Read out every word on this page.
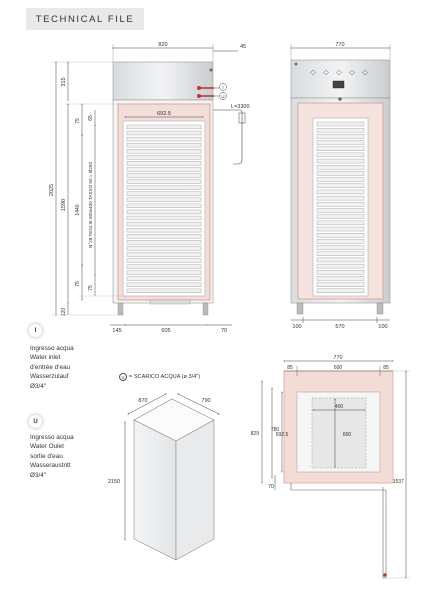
TECHNICAL FILE
820	45
692.5
2025
315
1590
120
75
1440
75
65
N°28 TEGLIE 600x400 TASSO 50 = Ø250
75
145	605	70
I
U
L=3300
770
100	570	100
870	790
2150
770
85	600	85
400
600
829
780
692.5
70
1537
I
Ingresso acqua
Water inlet
d'entrée d'eau
Wasserzulauf
Ø3/4"
U
Ingresso acqua
Water Oulet
sortie d'eau
Wasseraustritt
Ø3/4"
U = SCARICO ACQUA (ø 3/4")
